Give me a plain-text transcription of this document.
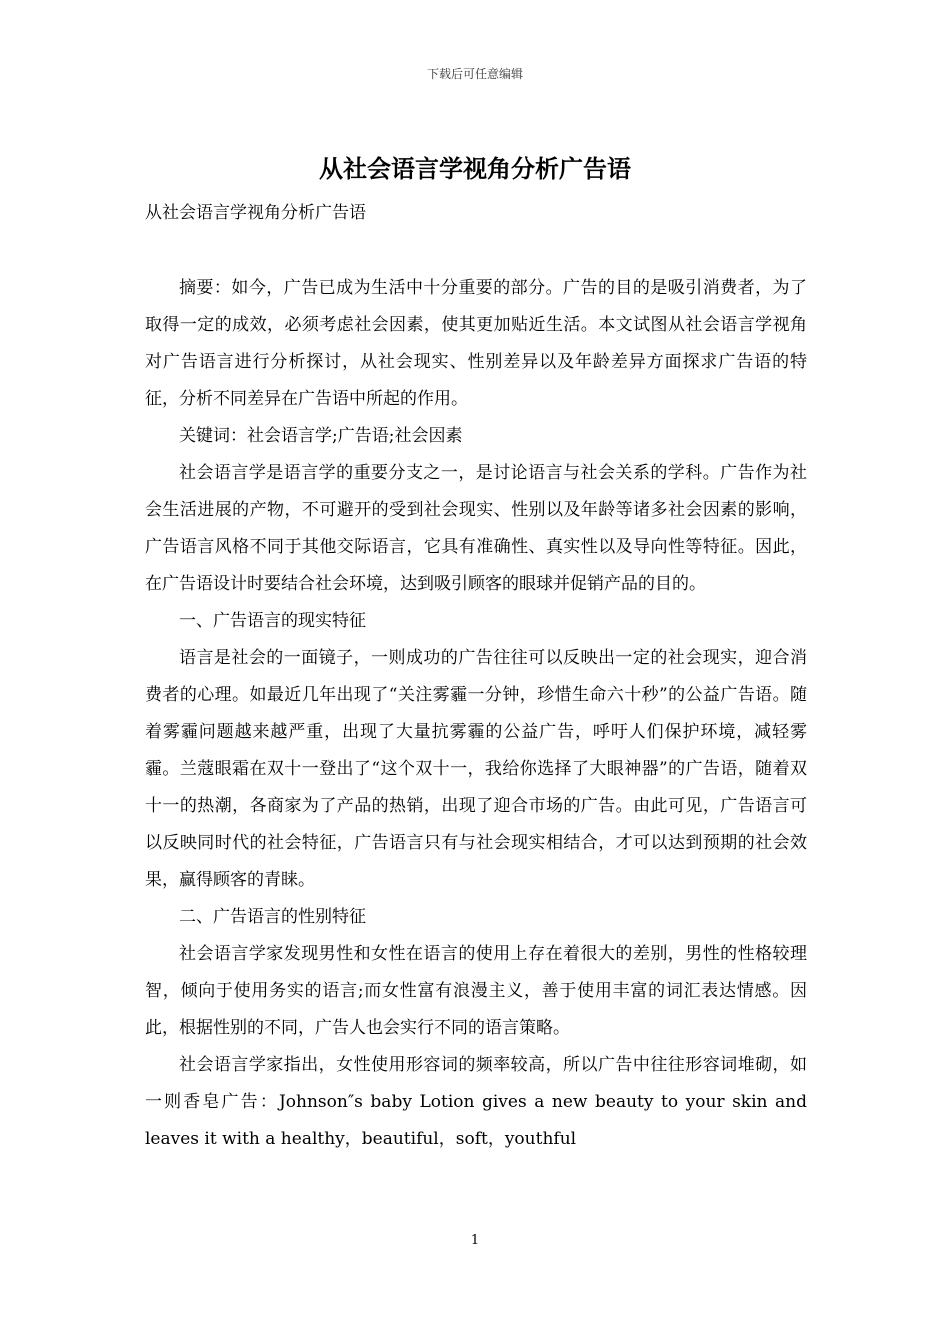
下载后可任意编辑
从社会语言学视角分析广告语
从社会语言学视角分析广告语

摘要：如今，广告已成为生活中十分重要的部分。广告的目的是吸引消费者，为了取得一定的成效，必须考虑社会因素，使其更加贴近生活。本文试图从社会语言学视角对广告语言进行分析探讨，从社会现实、性别差异以及年龄差异方面探求广告语的特征，分析不同差异在广告语中所起的作用。

关键词：社会语言学;广告语;社会因素

社会语言学是语言学的重要分支之一，是讨论语言与社会关系的学科。广告作为社会生活进展的产物，不可避开的受到社会现实、性别以及年龄等诸多社会因素的影响，广告语言风格不同于其他交际语言，它具有准确性、真实性以及导向性等特征。因此，在广告语设计时要结合社会环境，达到吸引顾客的眼球并促销产品的目的。

一、广告语言的现实特征

语言是社会的一面镜子，一则成功的广告往往可以反映出一定的社会现实，迎合消费者的心理。如最近几年出现了“关注雾霾一分钟，珍惜生命六十秒”的公益广告语。随着雾霾问题越来越严重，出现了大量抗雾霾的公益广告，呼吁人们保护环境，减轻雾霾。兰蔻眼霜在双十一登出了“这个双十一，我给你选择了大眼神器”的广告语，随着双十一的热潮，各商家为了产品的热销，出现了迎合市场的广告。由此可见，广告语言可以反映同时代的社会特征，广告语言只有与社会现实相结合，才可以达到预期的社会效果，赢得顾客的青睐。

二、广告语言的性别特征

社会语言学家发现男性和女性在语言的使用上存在着很大的差别，男性的性格较理智，倾向于使用务实的语言;而女性富有浪漫主义，善于使用丰富的词汇表达情感。因此，根据性别的不同，广告人也会实行不同的语言策略。

社会语言学家指出，女性使用形容词的频率较高，所以广告中往往形容词堆砌，如一则香皂广告：Johnson″s baby Lotion gives a new beauty to your skin and leaves it with a healthy，beautiful，soft，youthful

1
